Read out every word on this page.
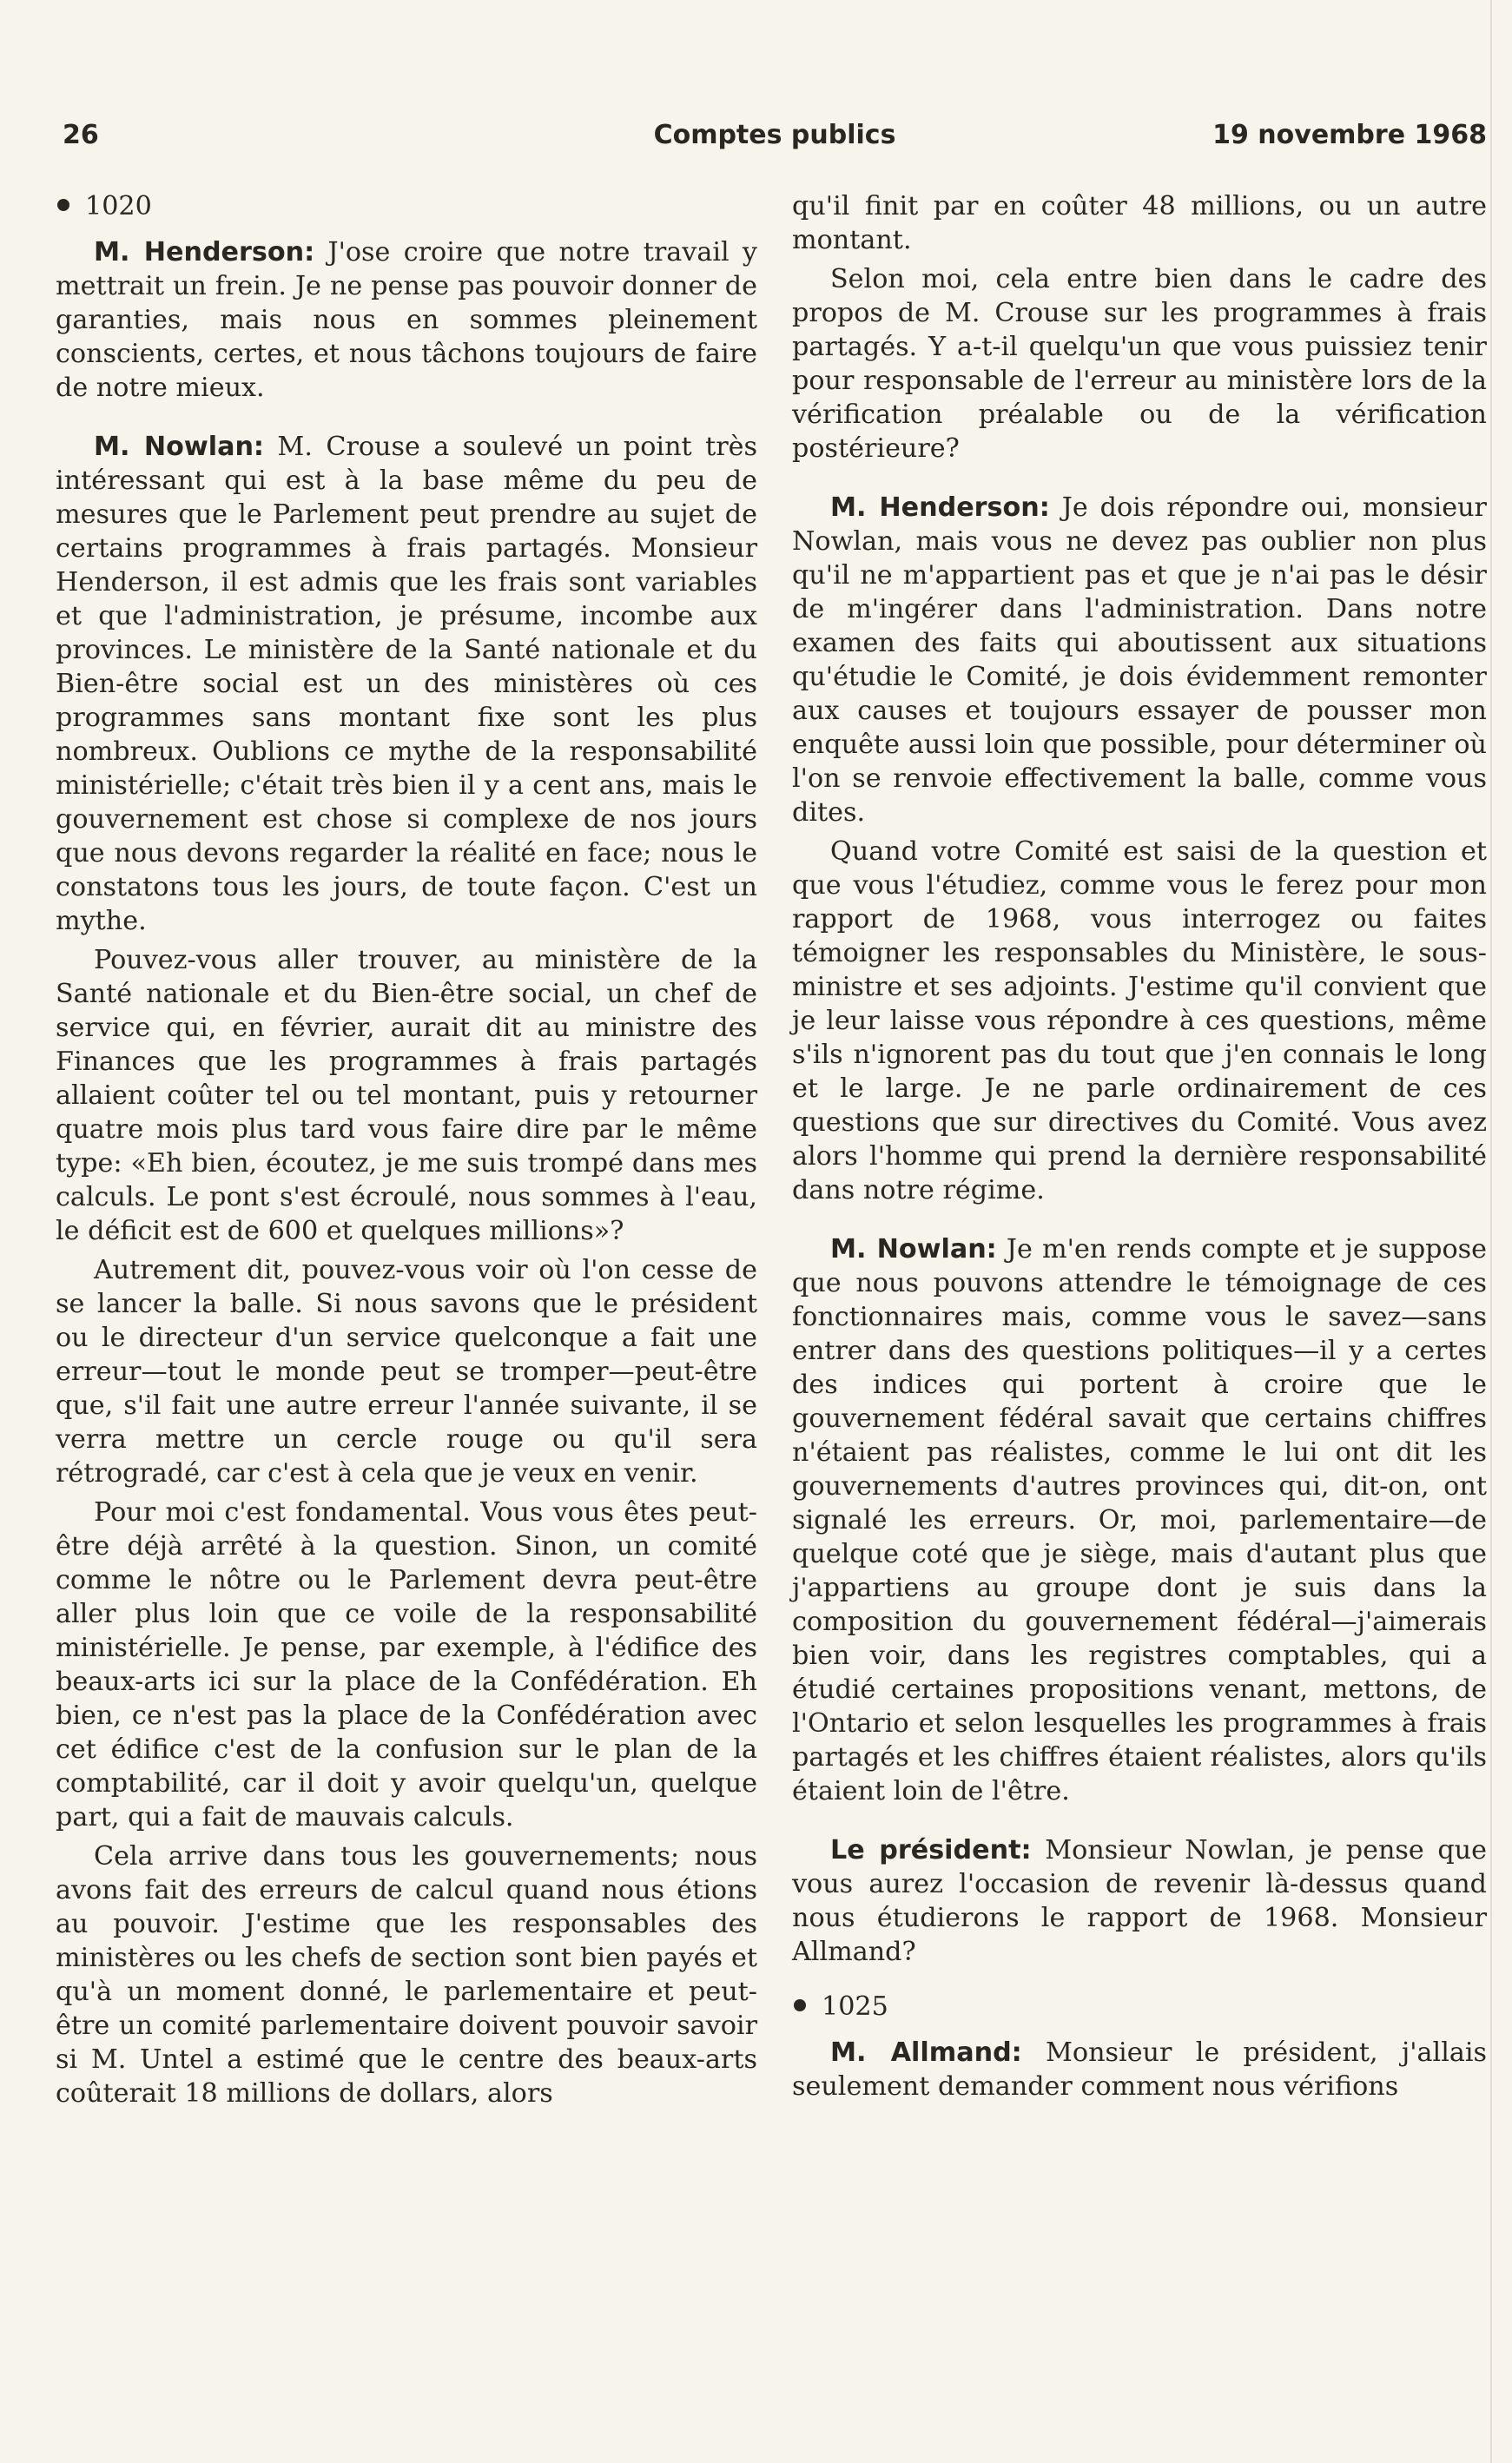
26	Comptes publics	19 novembre 1968

1020

M. Henderson: J'ose croire que notre travail y mettrait un frein. Je ne pense pas pouvoir donner de garanties, mais nous en sommes pleinement conscients, certes, et nous tâchons toujours de faire de notre mieux.

M. Nowlan: M. Crouse a soulevé un point très intéressant qui est à la base même du peu de mesures que le Parlement peut prendre au sujet de certains programmes à frais partagés. Monsieur Henderson, il est admis que les frais sont variables et que l'administration, je présume, incombe aux provinces. Le ministère de la Santé nationale et du Bien-être social est un des ministères où ces programmes sans montant fixe sont les plus nombreux. Oublions ce mythe de la responsabilité ministérielle; c'était très bien il y a cent ans, mais le gouvernement est chose si complexe de nos jours que nous devons regarder la réalité en face; nous le constatons tous les jours, de toute façon. C'est un mythe.

Pouvez-vous aller trouver, au ministère de la Santé nationale et du Bien-être social, un chef de service qui, en février, aurait dit au ministre des Finances que les programmes à frais partagés allaient coûter tel ou tel montant, puis y retourner quatre mois plus tard vous faire dire par le même type: «Eh bien, écoutez, je me suis trompé dans mes calculs. Le pont s'est écroulé, nous sommes à l'eau, le déficit est de 600 et quelques millions»?

Autrement dit, pouvez-vous voir où l'on cesse de se lancer la balle. Si nous savons que le président ou le directeur d'un service quelconque a fait une erreur—tout le monde peut se tromper—peut-être que, s'il fait une autre erreur l'année suivante, il se verra mettre un cercle rouge ou qu'il sera rétrogradé, car c'est à cela que je veux en venir.

Pour moi c'est fondamental. Vous vous êtes peut-être déjà arrêté à la question. Sinon, un comité comme le nôtre ou le Parlement devra peut-être aller plus loin que ce voile de la responsabilité ministérielle. Je pense, par exemple, à l'édifice des beaux-arts ici sur la place de la Confédération. Eh bien, ce n'est pas la place de la Confédération avec cet édifice c'est de la confusion sur le plan de la comptabilité, car il doit y avoir quelqu'un, quelque part, qui a fait de mauvais calculs.

Cela arrive dans tous les gouvernements; nous avons fait des erreurs de calcul quand nous étions au pouvoir. J'estime que les responsables des ministères ou les chefs de section sont bien payés et qu'à un moment donné, le parlementaire et peut-être un comité parlementaire doivent pouvoir savoir si M. Untel a estimé que le centre des beaux-arts coûterait 18 millions de dollars, alors

qu'il finit par en coûter 48 millions, ou un autre montant.

Selon moi, cela entre bien dans le cadre des propos de M. Crouse sur les programmes à frais partagés. Y a-t-il quelqu'un que vous puissiez tenir pour responsable de l'erreur au ministère lors de la vérification préalable ou de la vérification postérieure?

M. Henderson: Je dois répondre oui, monsieur Nowlan, mais vous ne devez pas oublier non plus qu'il ne m'appartient pas et que je n'ai pas le désir de m'ingérer dans l'administration. Dans notre examen des faits qui aboutissent aux situations qu'étudie le Comité, je dois évidemment remonter aux causes et toujours essayer de pousser mon enquête aussi loin que possible, pour déterminer où l'on se renvoie effectivement la balle, comme vous dites.

Quand votre Comité est saisi de la question et que vous l'étudiez, comme vous le ferez pour mon rapport de 1968, vous interrogez ou faites témoigner les responsables du Ministère, le sous-ministre et ses adjoints. J'estime qu'il convient que je leur laisse vous répondre à ces questions, même s'ils n'ignorent pas du tout que j'en connais le long et le large. Je ne parle ordinairement de ces questions que sur directives du Comité. Vous avez alors l'homme qui prend la dernière responsabilité dans notre régime.

M. Nowlan: Je m'en rends compte et je suppose que nous pouvons attendre le témoignage de ces fonctionnaires mais, comme vous le savez—sans entrer dans des questions politiques—il y a certes des indices qui portent à croire que le gouvernement fédéral savait que certains chiffres n'étaient pas réalistes, comme le lui ont dit les gouvernements d'autres provinces qui, dit-on, ont signalé les erreurs. Or, moi, parlementaire—de quelque coté que je siège, mais d'autant plus que j'appartiens au groupe dont je suis dans la composition du gouvernement fédéral—j'aimerais bien voir, dans les registres comptables, qui a étudié certaines propositions venant, mettons, de l'Ontario et selon lesquelles les programmes à frais partagés et les chiffres étaient réalistes, alors qu'ils étaient loin de l'être.

Le président: Monsieur Nowlan, je pense que vous aurez l'occasion de revenir là-dessus quand nous étudierons le rapport de 1968. Monsieur Allmand?

1025

M. Allmand: Monsieur le président, j'allais seulement demander comment nous vérifions
